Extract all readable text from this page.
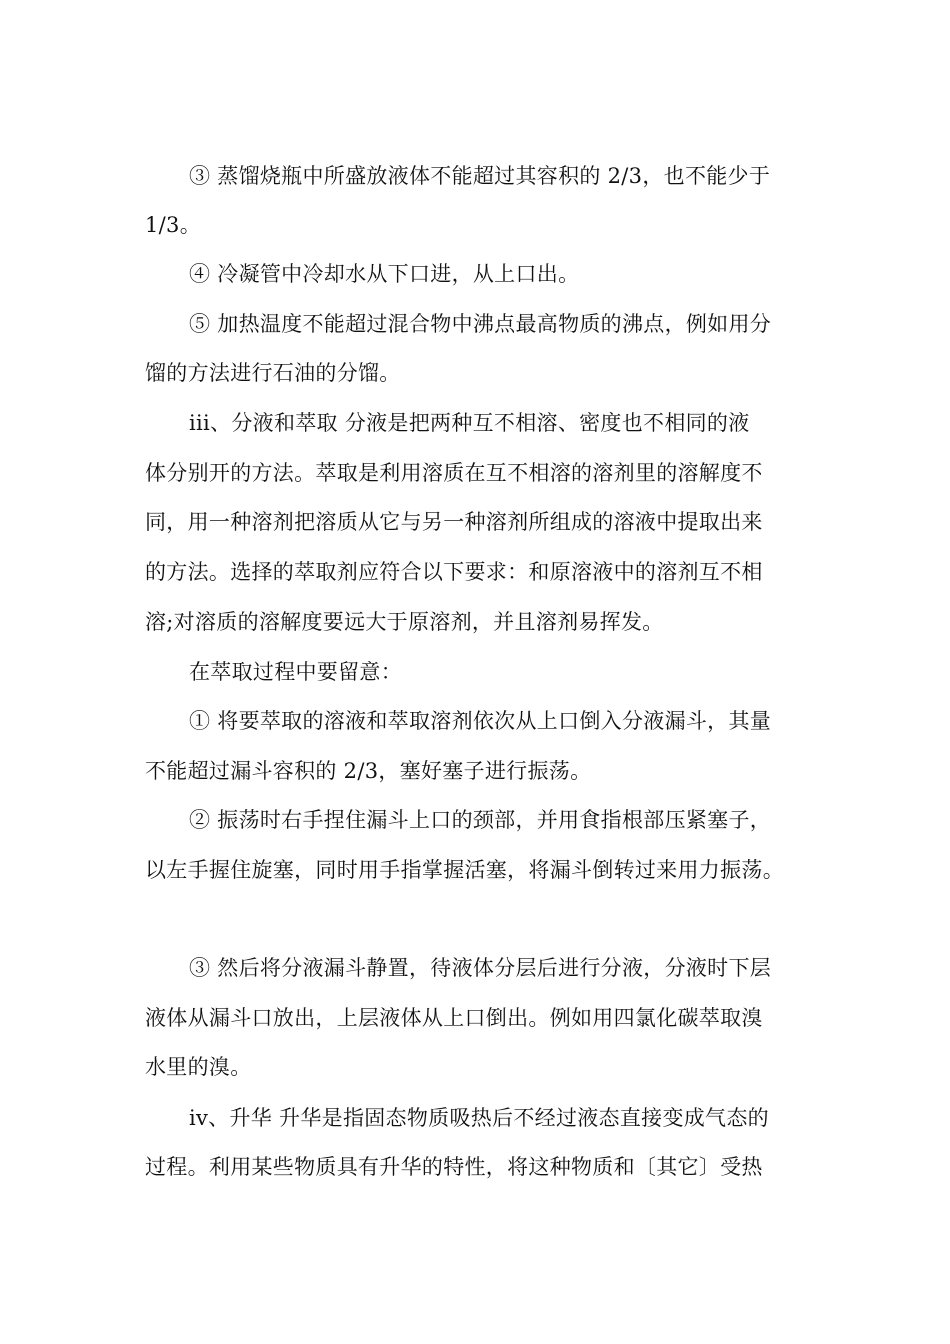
③ 蒸馏烧瓶中所盛放液体不能超过其容积的 2/3，也不能少于
1/3。
④ 冷凝管中冷却水从下口进，从上口出。
⑤ 加热温度不能超过混合物中沸点最高物质的沸点，例如用分
馏的方法进行石油的分馏。
iii、分液和萃取 分液是把两种互不相溶、密度也不相同的液
体分别开的方法。萃取是利用溶质在互不相溶的溶剂里的溶解度不
同，用一种溶剂把溶质从它与另一种溶剂所组成的溶液中提取出来
的方法。选择的萃取剂应符合以下要求：和原溶液中的溶剂互不相
溶;对溶质的溶解度要远大于原溶剂，并且溶剂易挥发。
在萃取过程中要留意：
① 将要萃取的溶液和萃取溶剂依次从上口倒入分液漏斗，其量
不能超过漏斗容积的 2/3，塞好塞子进行振荡。
② 振荡时右手捏住漏斗上口的颈部，并用食指根部压紧塞子，
以左手握住旋塞，同时用手指掌握活塞，将漏斗倒转过来用力振荡。
③ 然后将分液漏斗静置，待液体分层后进行分液，分液时下层
液体从漏斗口放出，上层液体从上口倒出。例如用四氯化碳萃取溴
水里的溴。
iv、升华 升华是指固态物质吸热后不经过液态直接变成气态的
过程。利用某些物质具有升华的特性，将这种物质和〔其它〕受热
